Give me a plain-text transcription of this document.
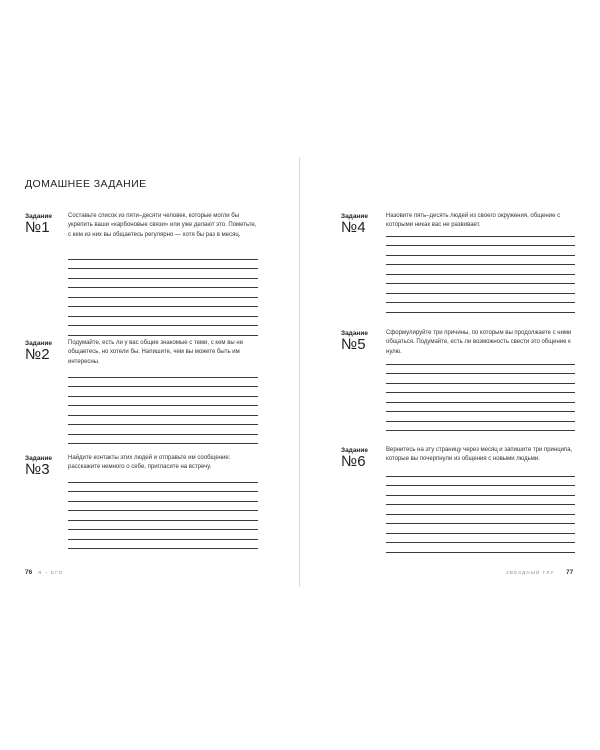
ДОМАШНЕЕ ЗАДАНИЕ
Задание
№1
Составьте список из пяти–десяти человек, которые могли бы укрепить ваши «карбоновые связи» или уже делают это. Пометьте, с кем из них вы общаетесь регулярно — хотя бы раз в месяц.
Задание
№2
Подумайте, есть ли у вас общие знакомые с теми, с кем вы не общаетесь, но хотели бы. Напишите, чем вы можете быть им интересны.
Задание
№3
Найдите контакты этих людей и отправьте им сообщение: расскажите немного о себе, пригласите на встречу.
Задание
№4
Назовите пять–десять людей из своего окружения, общение с которыми никак вас не развивает.
Задание
№5
Сформулируйте три причины, по которым вы продолжаете с ними общаться. Подумайте, есть ли возможность свести это общение к нулю.
Задание
№6
Вернитесь на эту страницу через месяц и запишите три принципа, которые вы почерпнули из общения с новыми людьми.
76 Я – ЕГО	ЗВЕЗДНЫЙ ГЛУ 77
